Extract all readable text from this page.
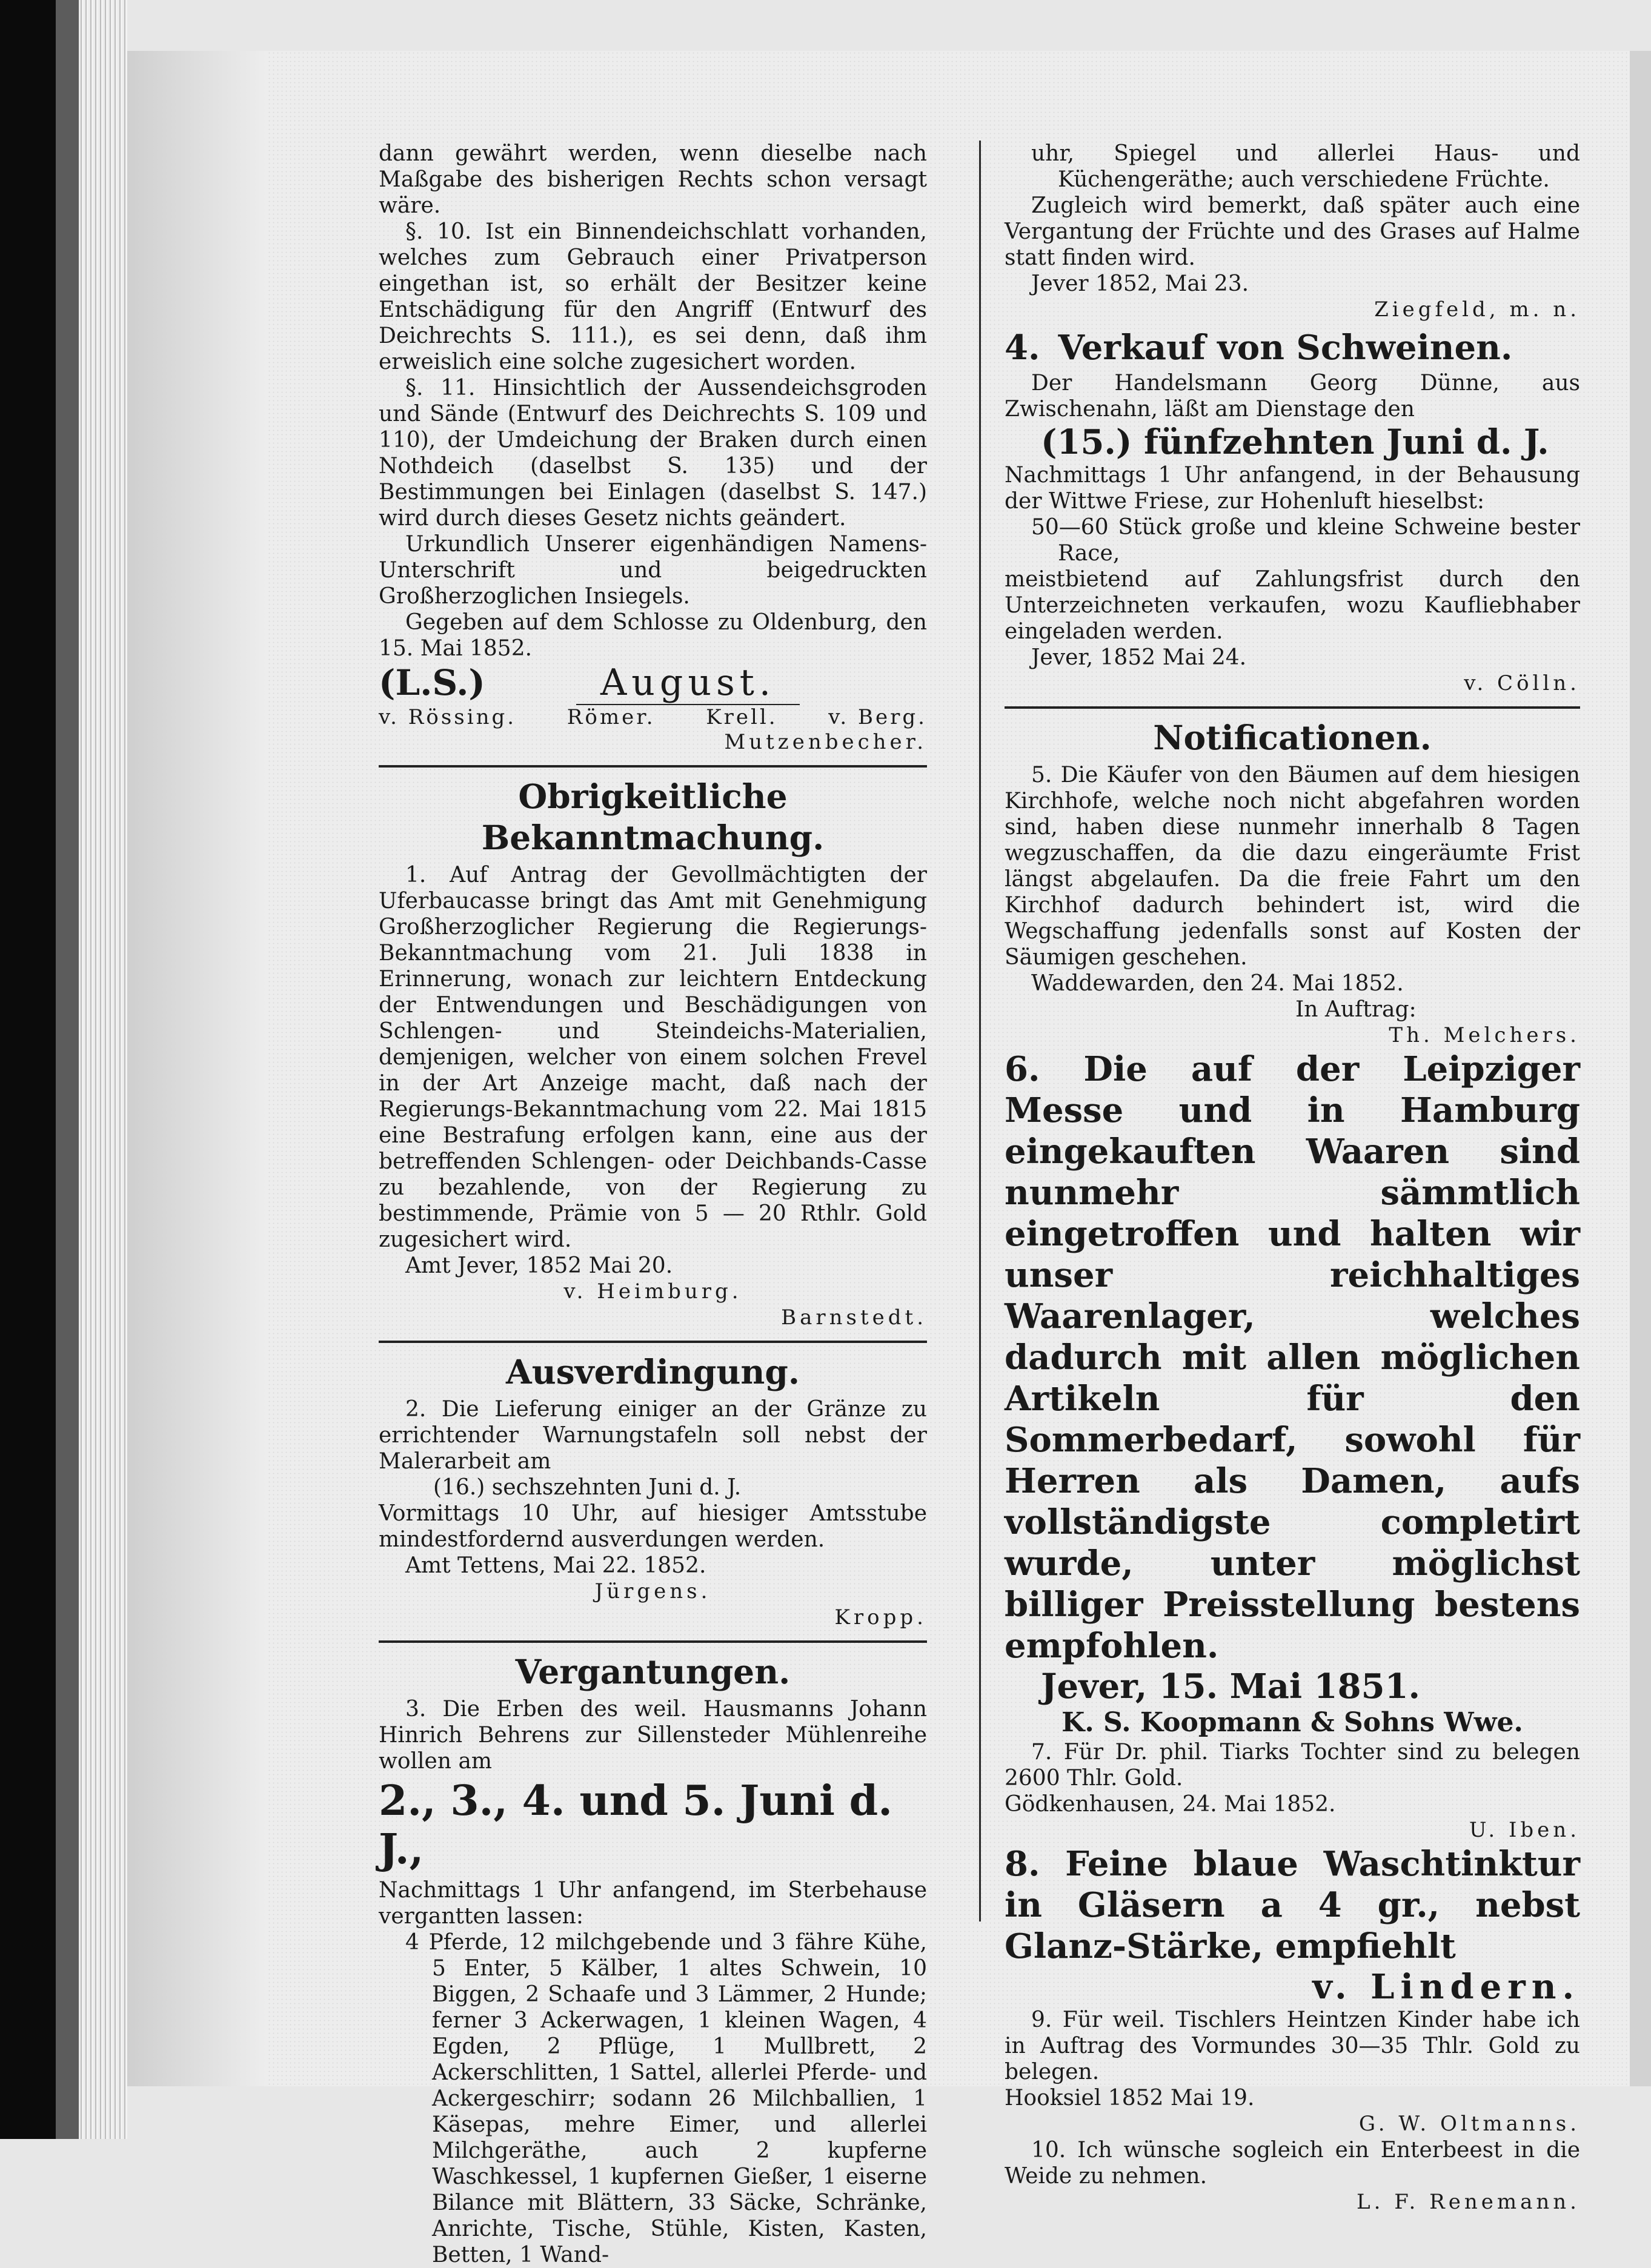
dann gewährt werden, wenn dieselbe nach Maßgabe des bisherigen Rechts schon versagt wäre.

§. 10. Ist ein Binnendeichschlatt vorhanden, welches zum Gebrauch einer Privatperson eingethan ist, so erhält der Besitzer keine Entschädigung für den Angriff (Entwurf des Deichrechts S. 111.), es sei denn, daß ihm erweislich eine solche zugesichert worden.

§. 11. Hinsichtlich der Aussendeichsgroden und Sände (Entwurf des Deichrechts S. 109 und 110), der Umdeichung der Braken durch einen Nothdeich (daselbst S. 135) und der Bestimmungen bei Einlagen (daselbst S. 147.) wird durch dieses Gesetz nichts geändert.

Urkundlich Unserer eigenhändigen Namens-Unterschrift und beigedruckten Großherzoglichen Insiegels.

Gegeben auf dem Schlosse zu Oldenburg, den 15. Mai 1852.

(L.S.)	August.
v. Rössing. Römer. Krell. v. Berg.

Mutzenbecher.

Obrigkeitliche Bekanntmachung.

1. Auf Antrag der Gevollmächtigten der Uferbaucasse bringt das Amt mit Genehmigung Großherzoglicher Regierung die Regierungs-Bekanntmachung vom 21. Juli 1838 in Erinnerung, wonach zur leichtern Entdeckung der Entwendungen und Beschädigungen von Schlengen- und Steindeichs-Materialien, demjenigen, welcher von einem solchen Frevel in der Art Anzeige macht, daß nach der Regierungs-Bekanntmachung vom 22. Mai 1815 eine Bestrafung erfolgen kann, eine aus der betreffenden Schlengen- oder Deichbands-Casse zu bezahlende, von der Regierung zu bestimmende, Prämie von 5 — 20 Rthlr. Gold zugesichert wird.

Amt Jever, 1852 Mai 20.

v. Heimburg.

Barnstedt.

Ausverdingung.

2. Die Lieferung einiger an der Gränze zu errichtender Warnungstafeln soll nebst der Malerarbeit am

(16.) sechszehnten Juni d. J.

Vormittags 10 Uhr, auf hiesiger Amtsstube mindestfordernd ausverdungen werden.

Amt Tettens, Mai 22. 1852.

Jürgens.

Kropp.

Vergantungen.

3. Die Erben des weil. Hausmanns Johann Hinrich Behrens zur Sillensteder Mühlenreihe wollen am

2., 3., 4. und 5. Juni d. J.,

Nachmittags 1 Uhr anfangend, im Sterbehause vergantten lassen:

4 Pferde, 12 milchgebende und 3 fähre Kühe, 5 Enter, 5 Kälber, 1 altes Schwein, 10 Biggen, 2 Schaafe und 3 Lämmer, 2 Hunde; ferner 3 Ackerwagen, 1 kleinen Wagen, 4 Egden, 2 Pflüge, 1 Mullbrett, 2 Ackerschlitten, 1 Sattel, allerlei Pferde- und Ackergeschirr; sodann 26 Milchballien, 1 Käsepas, mehre Eimer, und allerlei Milchgeräthe, auch 2 kupferne Waschkessel, 1 kupfernen Gießer, 1 eiserne Bilance mit Blättern, 33 Säcke, Schränke, Anrichte, Tische, Stühle, Kisten, Kasten, Betten, 1 Wand-

uhr, Spiegel und allerlei Haus- und Küchengeräthe; auch verschiedene Früchte.

Zugleich wird bemerkt, daß später auch eine Vergantung der Früchte und des Grases auf Halme statt finden wird.

Jever 1852, Mai 23.

Ziegfeld, m. n.

4. Verkauf von Schweinen.

Der Handelsmann Georg Dünne, aus Zwischenahn, läßt am Dienstage den

(15.) fünfzehnten Juni d. J.

Nachmittags 1 Uhr anfangend, in der Behausung der Wittwe Friese, zur Hohenluft hieselbst:

50—60 Stück große und kleine Schweine bester Race,

meistbietend auf Zahlungsfrist durch den Unterzeichneten verkaufen, wozu Kaufliebhaber eingeladen werden.

Jever, 1852 Mai 24.

v. Cölln.

Notificationen.

5. Die Käufer von den Bäumen auf dem hiesigen Kirchhofe, welche noch nicht abgefahren worden sind, haben diese nunmehr innerhalb 8 Tagen wegzuschaffen, da die dazu eingeräumte Frist längst abgelaufen. Da die freie Fahrt um den Kirchhof dadurch behindert ist, wird die Wegschaffung jedenfalls sonst auf Kosten der Säumigen geschehen.

Waddewarden, den 24. Mai 1852.

In Auftrag:

Th. Melchers.

6. Die auf der Leipziger Messe und in Hamburg eingekauften Waaren sind nunmehr sämmtlich eingetroffen und halten wir unser reichhaltiges Waarenlager, welches dadurch mit allen möglichen Artikeln für den Sommerbedarf, sowohl für Herren als Damen, aufs vollständigste completirt wurde, unter möglichst billiger Preisstellung bestens empfohlen.

Jever, 15. Mai 1851.

K. S. Koopmann & Sohns Wwe.

7. Für Dr. phil. Tiarks Tochter sind zu belegen 2600 Thlr. Gold.

Gödkenhausen, 24. Mai 1852.

U. Iben.

8. Feine blaue Waschtinktur in Gläsern a 4 gr., nebst Glanz-Stärke, empfiehlt

v. Lindern.

9. Für weil. Tischlers Heintzen Kinder habe ich in Auftrag des Vormundes 30—35 Thlr. Gold zu belegen.

Hooksiel 1852 Mai 19.

G. W. Oltmanns.

10. Ich wünsche sogleich ein Enterbeest in die Weide zu nehmen.

L. F. Renemann.
